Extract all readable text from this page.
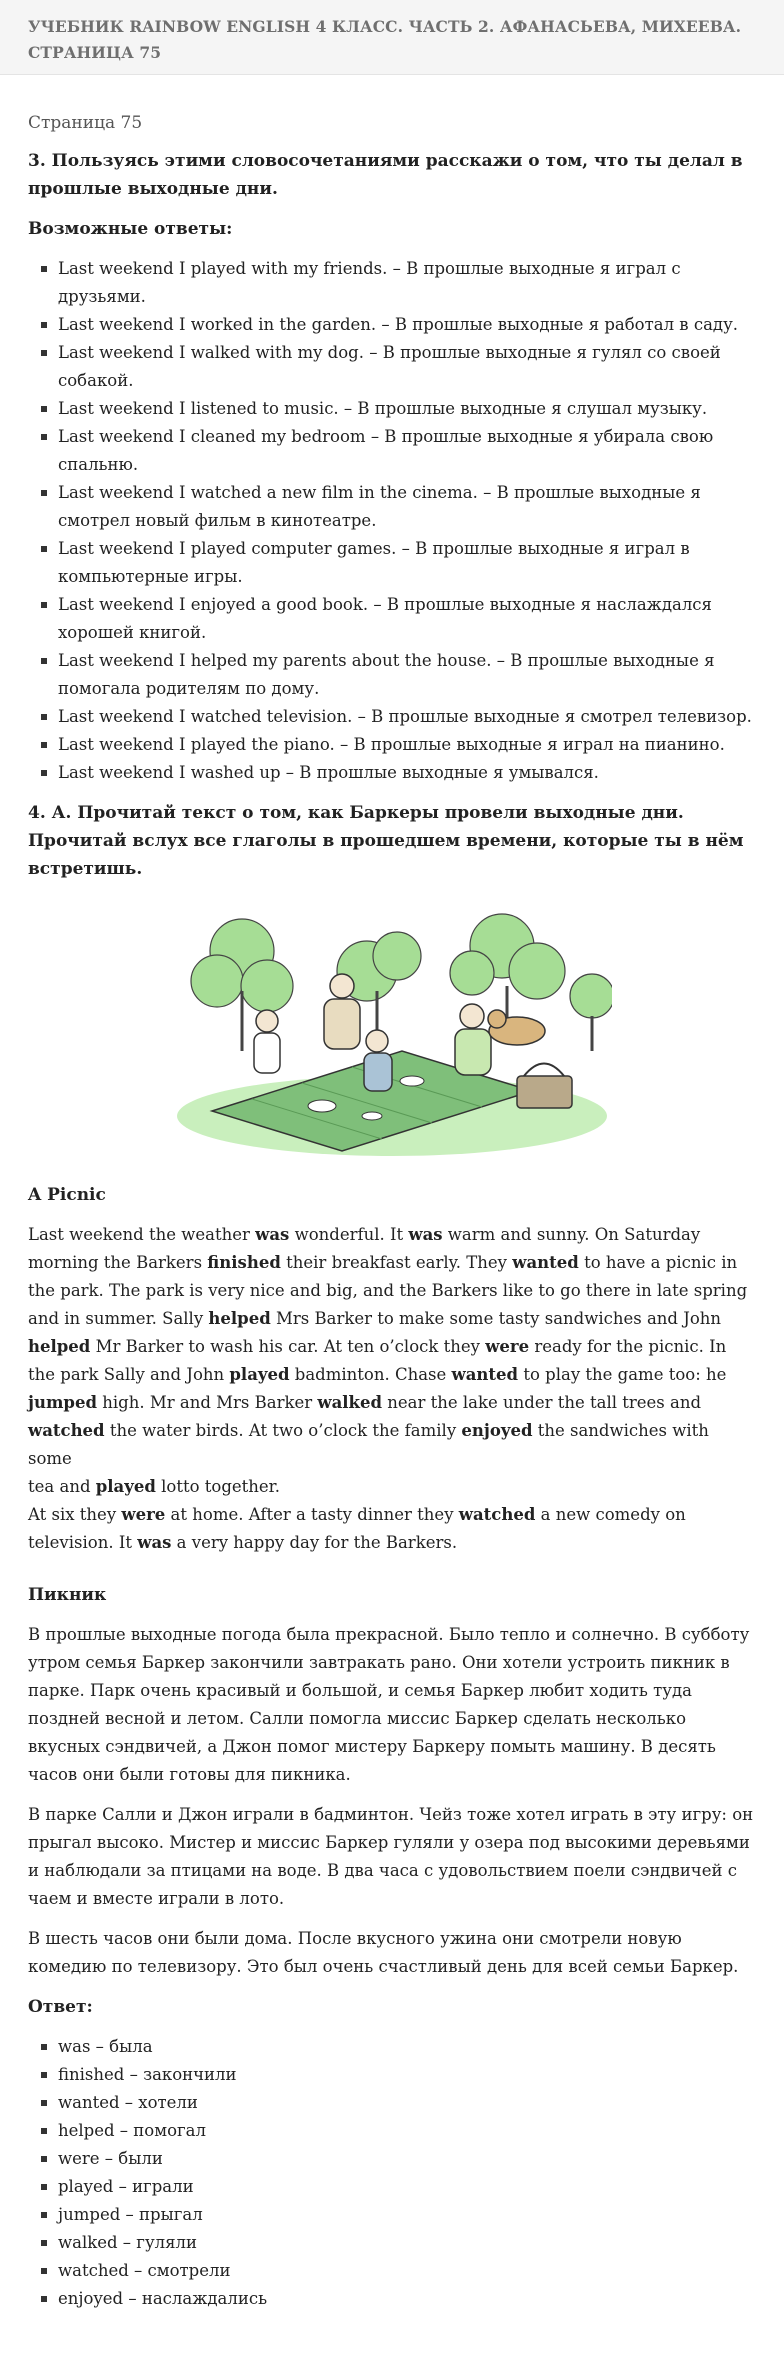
УЧЕБНИК RAINBOW ENGLISH 4 КЛАСС. ЧАСТЬ 2. АФАНАСЬЕВА, МИХЕЕВА. СТРАНИЦА 75

Страница 75

3. Пользуясь этими словосочетаниями расскажи о том, что ты делал в прошлые выходные дни.
Возможные ответы:
Last weekend I played with my friends. – В прошлые выходные я играл с друзьями.
Last weekend I worked in the garden. – В прошлые выходные я работал в саду.
Last weekend I walked with my dog. – В прошлые выходные я гулял со своей собакой.
Last weekend I listened to music. – В прошлые выходные я слушал музыку.
Last weekend I cleaned my bedroom – В прошлые выходные я убирала свою спальню.
Last weekend I watched a new film in the cinema. – В прошлые выходные я смотрел новый фильм в кинотеатре.
Last weekend I played computer games. – В прошлые выходные я играл в компьютерные игры.
Last weekend I enjoyed a good book. – В прошлые выходные я наслаждался хорошей книгой.
Last weekend I helped my parents about the house. – В прошлые выходные я помогала родителям по дому.
Last weekend I watched television. – В прошлые выходные я смотрел телевизор.
Last weekend I played the piano. – В прошлые выходные я играл на пианино.
Last weekend I washed up – В прошлые выходные я умывался.
4. А. Прочитай текст о том, как Баркеры провели выходные дни. Прочитай вслух все глаголы в прошедшем времени, которые ты в нём встретишь.
A Picnic

Last weekend the weather was wonderful. It was warm and sunny. On Saturday morning the Barkers finished their breakfast early. They wanted to have a picnic in the park. The park is very nice and big, and the Barkers like to go there in late spring and in summer. Sally helped Mrs Barker to make some tasty sandwiches and John helped Mr Barker to wash his car. At ten o’clock they were ready for the picnic. In the park Sally and John played badminton. Chase wanted to play the game too: he jumped high. Mr and Mrs Barker walked near the lake under the tall trees and watched the water birds. At two o’clock the family enjoyed the sandwiches with some
tea and played lotto together.
At six they were at home. After a tasty dinner they watched a new comedy on television. It was a very happy day for the Barkers.

Пикник

В прошлые выходные погода была прекрасной. Было тепло и солнечно. В субботу утром семья Баркер закончили завтракать рано. Они хотели устроить пикник в парке. Парк очень красивый и большой, и семья Баркер любит ходить туда поздней весной и летом. Салли помогла миссис Баркер сделать несколько вкусных сэндвичей, а Джон помог мистеру Баркеру помыть машину. В десять часов они были готовы для пикника.

В парке Салли и Джон играли в бадминтон. Чейз тоже хотел играть в эту игру: он прыгал высоко. Мистер и миссис Баркер гуляли у озера под высокими деревьями и наблюдали за птицами на воде. В два часа с удовольствием поели сэндвичей с чаем и вместе играли в лото.

В шесть часов они были дома. После вкусного ужина они смотрели новую комедию по телевизору. Это был очень счастливый день для всей семьи Баркер.

Ответ:
was – была
finished – закончили
wanted – хотели
helped – помогал
were – были
played – играли
jumped – прыгал
walked – гуляли
watched – смотрели
enjoyed – наслаждались
